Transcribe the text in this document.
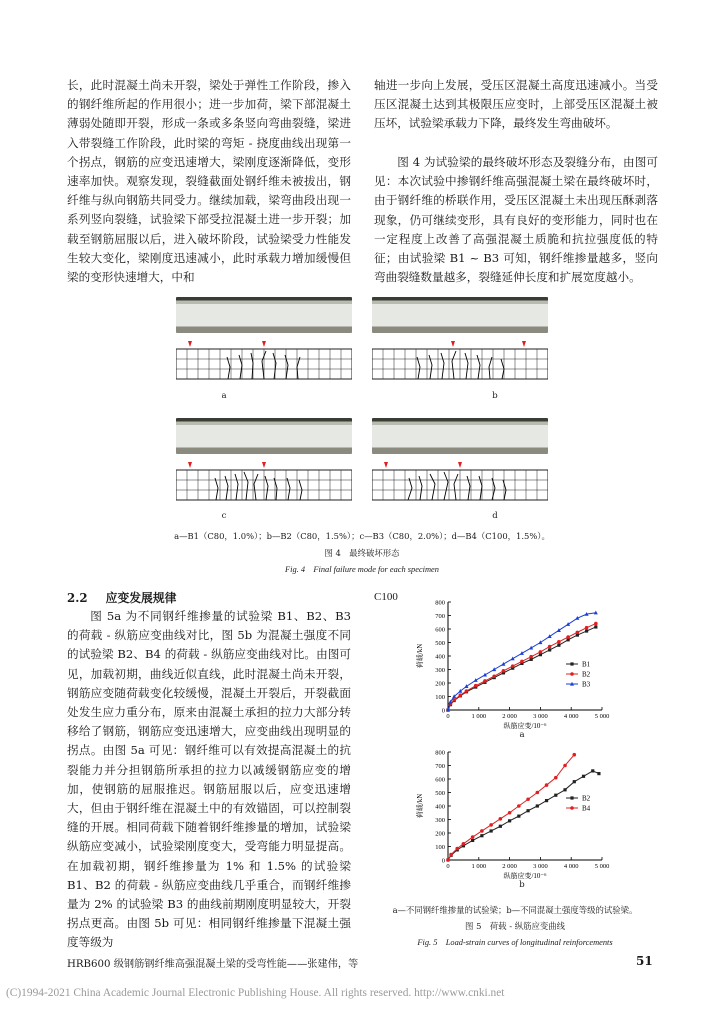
长，此时混凝土尚未开裂，梁处于弹性工作阶段，掺入的钢纤维所起的作用很小；进一步加荷，梁下部混凝土薄弱处随即开裂，形成一条或多条竖向弯曲裂缝，梁进入带裂缝工作阶段，此时梁的弯矩 - 挠度曲线出现第一个拐点，钢筋的应变迅速增大，梁刚度逐渐降低，变形速率加快。观察发现，裂缝截面处钢纤维未被拔出，钢纤维与纵向钢筋共同受力。继续加载，梁弯曲段出现一系列竖向裂缝，试验梁下部受拉混凝土进一步开裂；加载至钢筋屈服以后，进入破坏阶段，试验梁受力性能发生较大变化，梁刚度迅速减小，此时承载力增加缓慢但梁的变形快速增大，中和

轴进一步向上发展，受压区混凝土高度迅速减小。当受压区混凝土达到其极限压应变时，上部受压区混凝土被压坏，试验梁承载力下降，最终发生弯曲破坏。

图 4 为试验梁的最终破坏形态及裂缝分布，由图可见：本次试验中掺钢纤维高强混凝土梁在最终破坏时，由于钢纤维的桥联作用，受压区混凝土未出现压酥剥落现象，仍可继续变形，具有良好的变形能力，同时也在一定程度上改善了高强混凝土质脆和抗拉强度低的特征；由试验梁 B1 ~ B3 可知，钢纤维掺量越多，竖向弯曲裂缝数量越多，裂缝延伸长度和扩展宽度越小。

a	b
c	d
a—B1（C80，1.0%）；b—B2（C80，1.5%）；c—B3（C80，2.0%）；d—B4（C100，1.5%）。
图 4　最终破坏形态
Fig. 4　Final failure mode for each specimen
2.2 应变发展规律

图 5a 为不同钢纤维掺量的试验梁 B1、B2、B3 的荷载 - 纵筋应变曲线对比，图 5b 为混凝土强度不同的试验梁 B2、B4 的荷载 - 纵筋应变曲线对比。由图可见，加载初期，曲线近似直线，此时混凝土尚未开裂，钢筋应变随荷载变化较缓慢，混凝土开裂后，开裂截面处发生应力重分布，原来由混凝土承担的拉力大部分转移给了钢筋，钢筋应变迅速增大，应变曲线出现明显的拐点。由图 5a 可见：钢纤维可以有效提高混凝土的抗裂能力并分担钢筋所承担的拉力以减缓钢筋应变的增加，使钢筋的屈服推迟。钢筋屈服以后，应变迅速增大，但由于钢纤维在混凝土中的有效锚固，可以控制裂缝的开展。相同荷载下随着钢纤维掺量的增加，试验梁纵筋应变减小，试验梁刚度变大，受弯能力明显提高。在加载初期，钢纤维掺量为 1% 和 1.5% 的试验梁 B1、B2 的荷载 - 纵筋应变曲线几乎重合，而钢纤维掺量为 2% 的试验梁 B3 的曲线前期刚度明显较大，开裂拐点更高。由图 5b 可见：相同钢纤维掺量下混凝土强度等级为

C100
0
100
200
300
400
500
600
700
800
0	1 000 2 000 3 000 4 000 5 000
纵筋应变/10⁻⁶
荷载/kN	B1
B2
B3
a
0
100
200
300
400
500
600
700
800
0	1 000 2 000 3 000 4 000 5 000
纵筋应变/10⁻⁶
荷载/kN	B2
B4
b
a—不同钢纤维掺量的试验梁；b—不同混凝土强度等级的试验梁。
图 5　荷载 - 纵筋应变曲线
Fig. 5　Load-strain curves of longitudinal reinforcements
HRB600 级钢筋钢纤维高强混凝土梁的受弯性能——张建伟，等	51
(C)1994-2021 China Academic Journal Electronic Publishing House. All rights reserved. http://www.cnki.net
